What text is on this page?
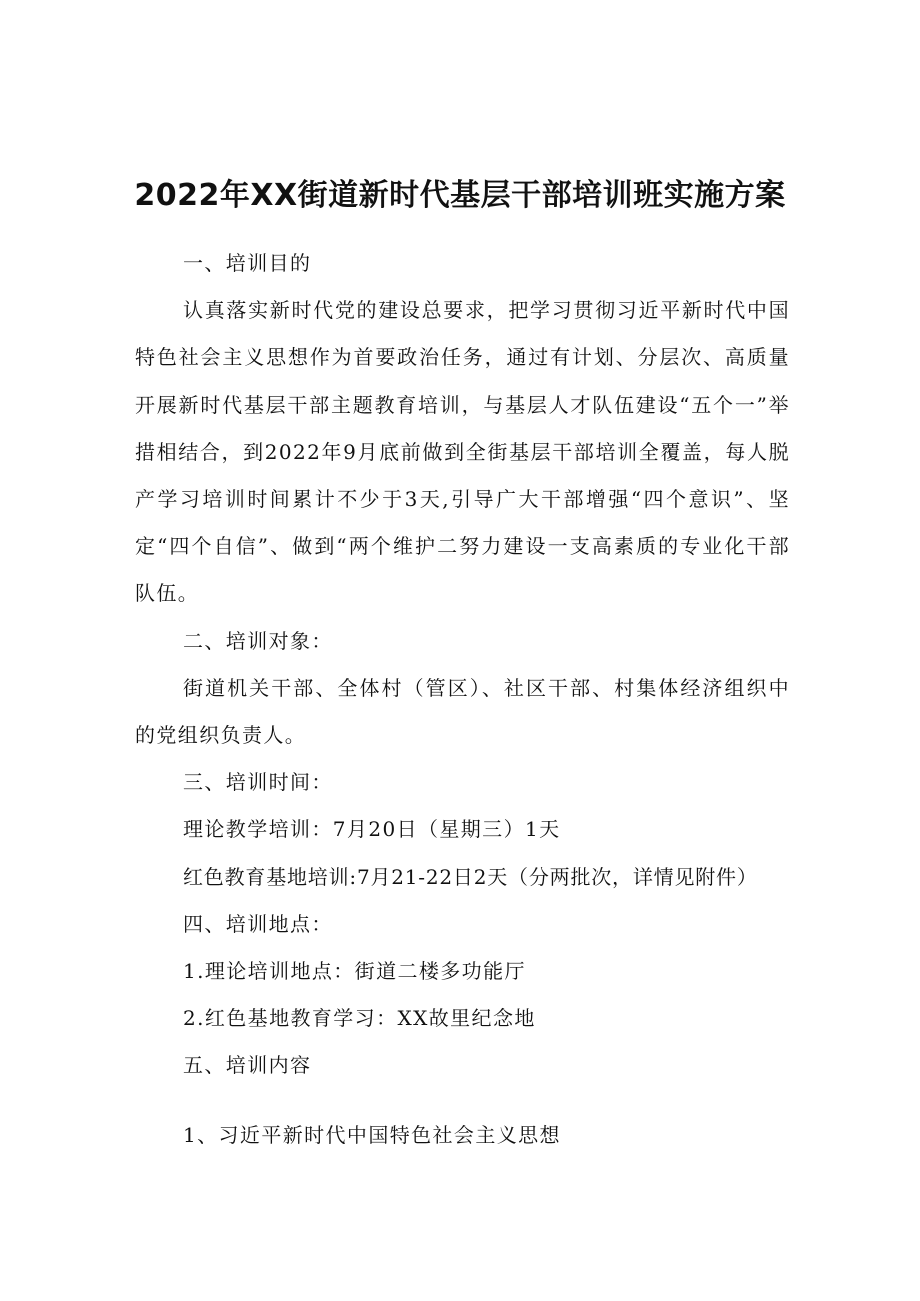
2022年XX街道新时代基层干部培训班实施方案

一、培训目的

认真落实新时代党的建设总要求，把学习贯彻习近平新时代中国特色社会主义思想作为首要政治任务，通过有计划、分层次、高质量开展新时代基层干部主题教育培训，与基层人才队伍建设“五个一”举措相结合，到2022年9月底前做到全街基层干部培训全覆盖，每人脱产学习培训时间累计不少于3天,引导广大干部增强“四个意识”、坚定“四个自信”、做到“两个维护二努力建设一支高素质的专业化干部队伍。

二、培训对象：

街道机关干部、全体村（管区）、社区干部、村集体经济组织中的党组织负责人。

三、培训时间：

理论教学培训：7月20日（星期三）1天

红色教育基地培训:7月21-22日2天（分两批次，详情见附件）

四、培训地点：

1.理论培训地点：街道二楼多功能厅

2.红色基地教育学习：XX故里纪念地

五、培训内容

1、习近平新时代中国特色社会主义思想
